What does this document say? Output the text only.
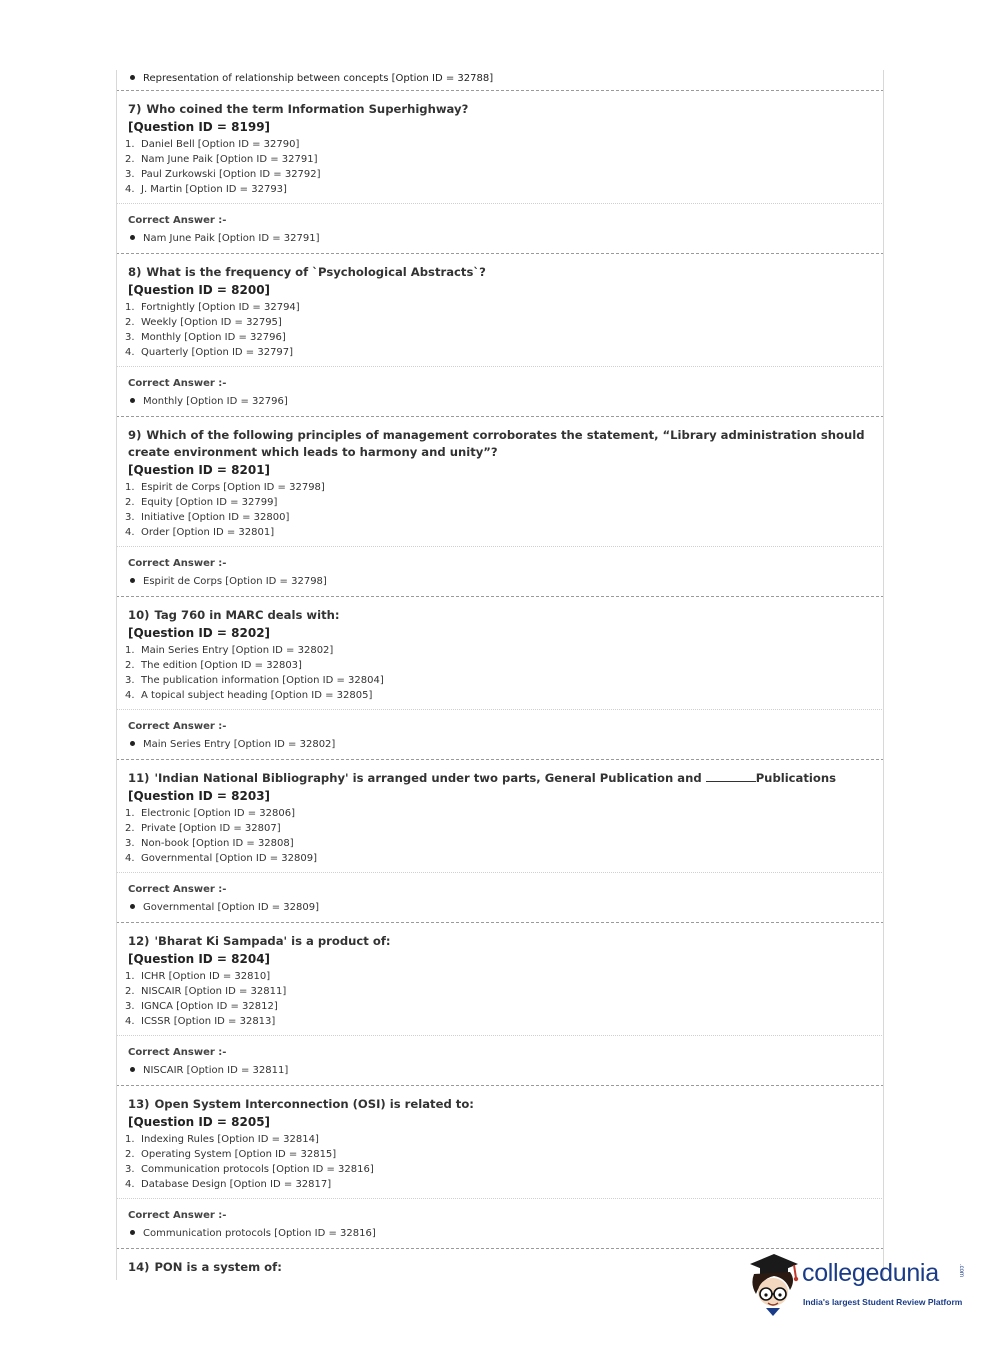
Representation of relationship between concepts [Option ID = 32788]
7) Who coined the term Information Superhighway?
[Question ID = 8199]
1. Daniel Bell [Option ID = 32790]
2. Nam June Paik [Option ID = 32791]
3. Paul Zurkowski [Option ID = 32792]
4. J. Martin [Option ID = 32793]
Correct Answer :-
Nam June Paik [Option ID = 32791]
8) What is the frequency of `Psychological Abstracts`?
[Question ID = 8200]
1. Fortnightly [Option ID = 32794]
2. Weekly [Option ID = 32795]
3. Monthly [Option ID = 32796]
4. Quarterly [Option ID = 32797]
Correct Answer :-
Monthly [Option ID = 32796]
9) Which of the following principles of management corroborates the statement, “Library administration should create environment which leads to harmony and unity”?
[Question ID = 8201]
1. Espirit de Corps [Option ID = 32798]
2. Equity [Option ID = 32799]
3. Initiative [Option ID = 32800]
4. Order [Option ID = 32801]
Correct Answer :-
Espirit de Corps [Option ID = 32798]
10) Tag 760 in MARC deals with:
[Question ID = 8202]
1. Main Series Entry [Option ID = 32802]
2. The edition [Option ID = 32803]
3. The publication information [Option ID = 32804]
4. A topical subject heading [Option ID = 32805]
Correct Answer :-
Main Series Entry [Option ID = 32802]
11) 'Indian National Bibliography' is arranged under two parts, General Publication and	Publications
[Question ID = 8203]
1. Electronic [Option ID = 32806]
2. Private [Option ID = 32807]
3. Non-book [Option ID = 32808]
4. Governmental [Option ID = 32809]
Correct Answer :-
Governmental [Option ID = 32809]
12) 'Bharat Ki Sampada' is a product of:
[Question ID = 8204]
1. ICHR [Option ID = 32810]
2. NISCAIR [Option ID = 32811]
3. IGNCA [Option ID = 32812]
4. ICSSR [Option ID = 32813]
Correct Answer :-
NISCAIR [Option ID = 32811]
13) Open System Interconnection (OSI) is related to:
[Question ID = 8205]
1. Indexing Rules [Option ID = 32814]
2. Operating System [Option ID = 32815]
3. Communication protocols [Option ID = 32816]
4. Database Design [Option ID = 32817]
Correct Answer :-
Communication protocols [Option ID = 32816]
14) PON is a system of:	collegedunia	.com
India's largest Student Review Platform
